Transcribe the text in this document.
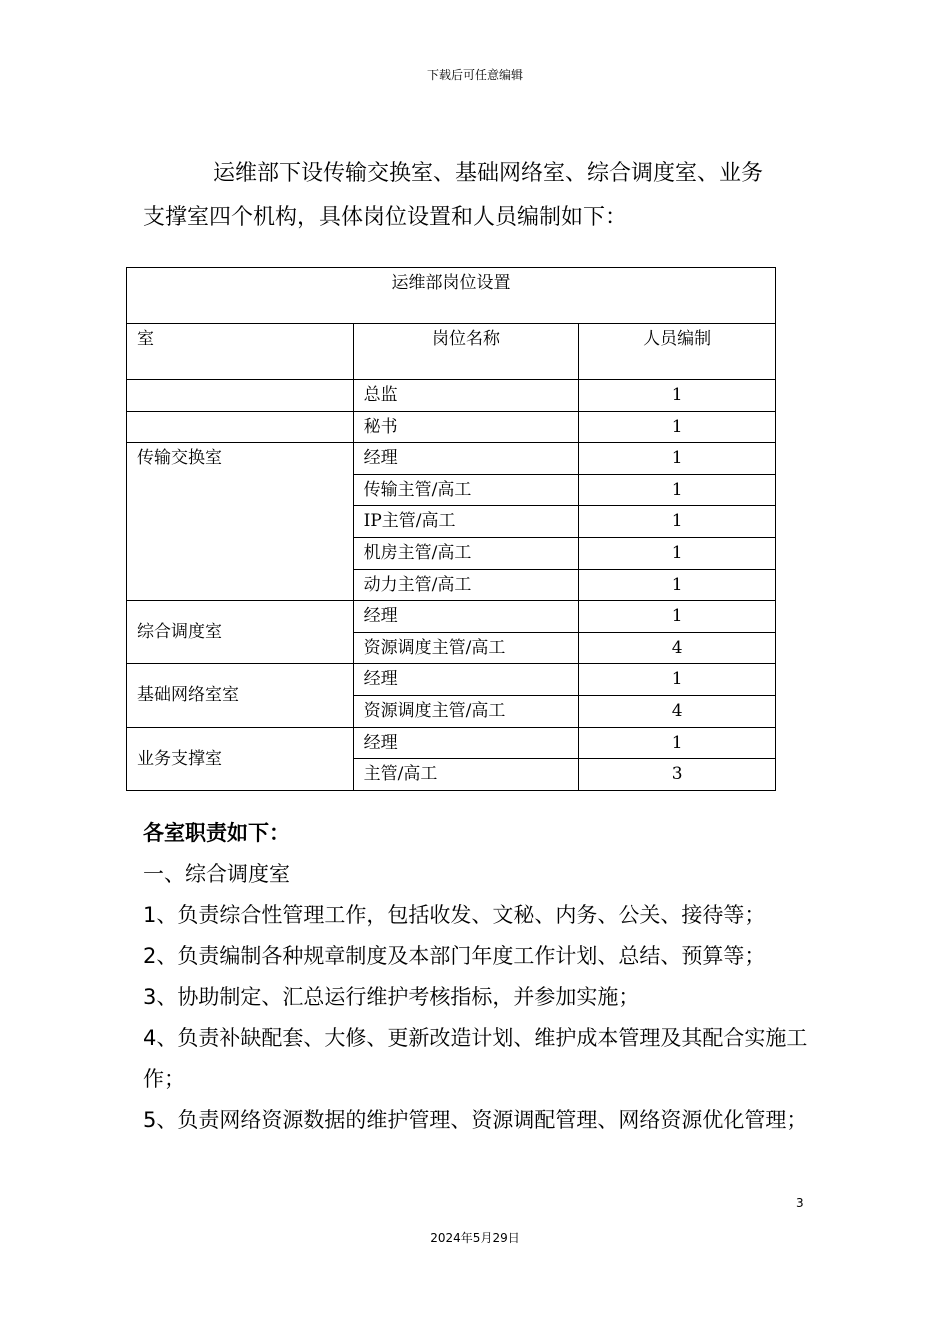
下载后可任意编辑

运维部下设传输交换室、基础网络室、综合调度室、业务
支撑室四个机构，具体岗位设置和人员编制如下：

运维部岗位设置		
室	岗位名称	人员编制
	总监	1
	秘书	1
传输交换室	经理	1
	传输主管/高工	1
	IP主管/高工	1
	机房主管/高工	1
	动力主管/高工	1
综合调度室	经理	1
	资源调度主管/高工	4
基础网络室室	经理	1
	资源调度主管/高工	4
业务支撑室	经理	1
	主管/高工	3
各室职责如下：
一、综合调度室
1、负责综合性管理工作，包括收发、文秘、内务、公关、接待等；
2、负责编制各种规章制度及本部门年度工作计划、总结、预算等；
3、协助制定、汇总运行维护考核指标，并参加实施；
4、负责补缺配套、大修、更新改造计划、维护成本管理及其配合实施工作；
5、负责网络资源数据的维护管理、资源调配管理、网络资源优化管理；
3
2024年5月29日
